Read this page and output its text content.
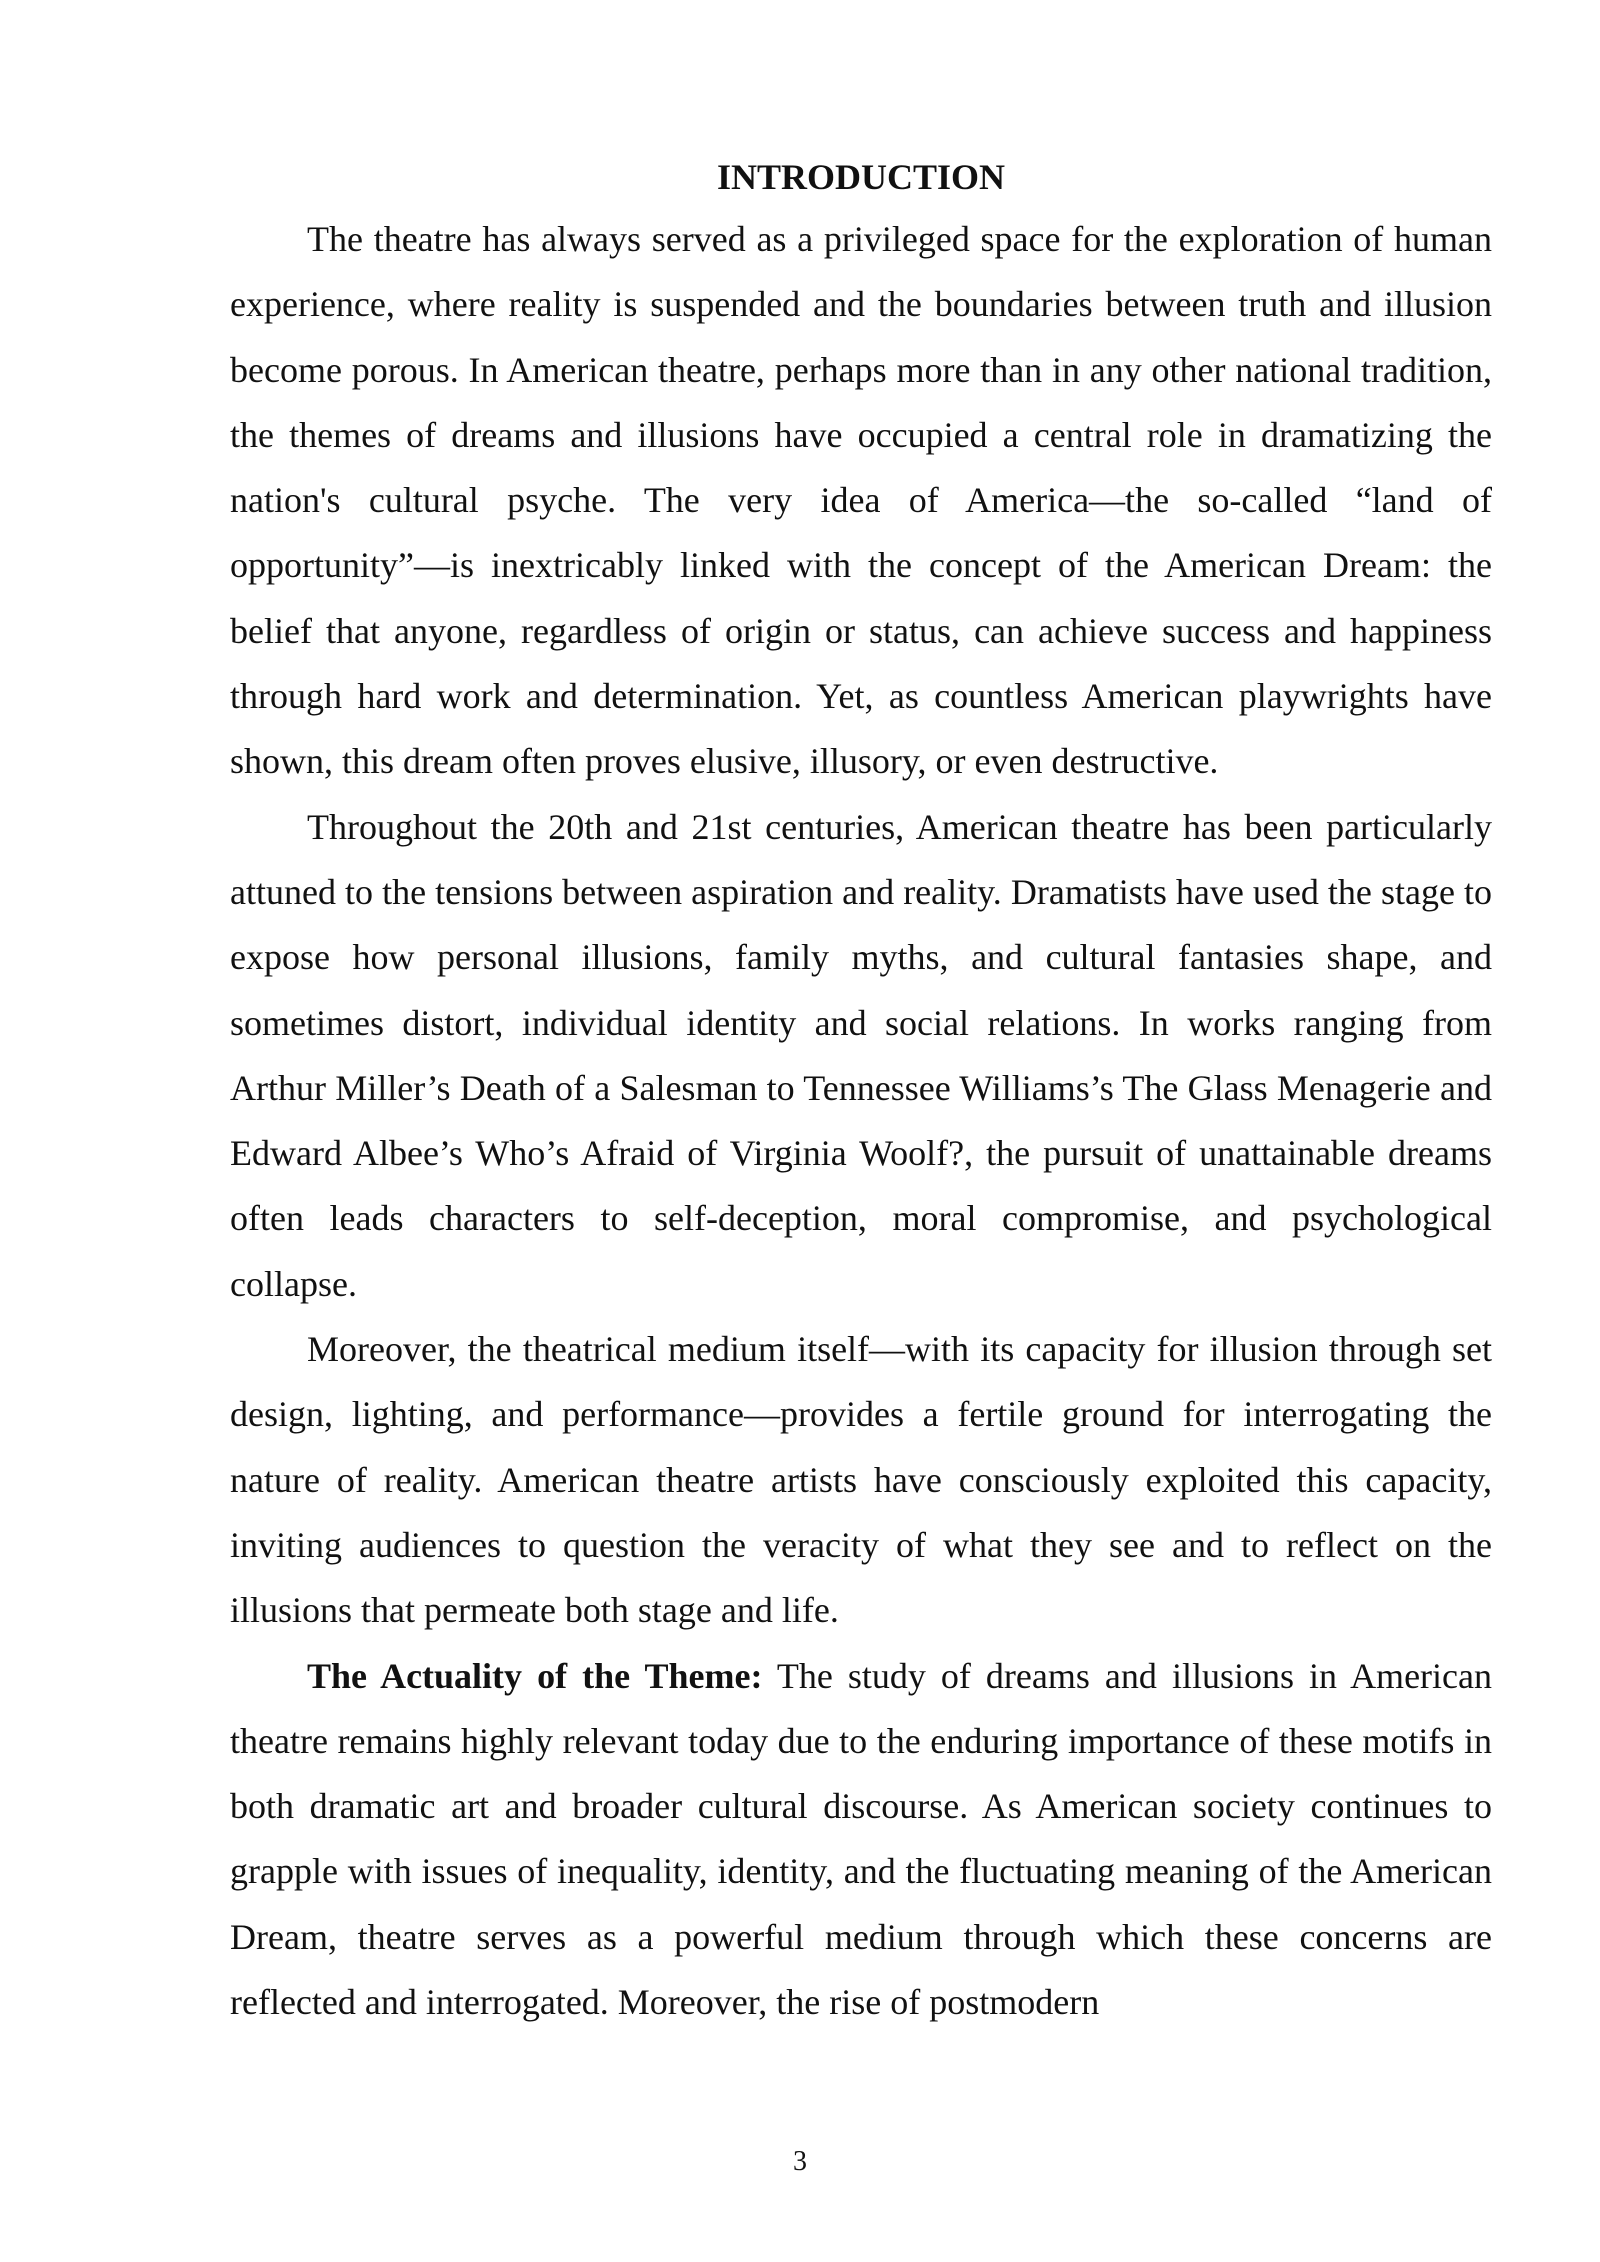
INTRODUCTION

The theatre has always served as a privileged space for the exploration of human experience, where reality is suspended and the boundaries between truth and illusion become porous. In American theatre, perhaps more than in any other national tradition, the themes of dreams and illusions have occupied a central role in dramatizing the nation's cultural psyche. The very idea of America—the so-called “land of opportunity”—is inextricably linked with the concept of the American Dream: the belief that anyone, regardless of origin or status, can achieve success and happiness through hard work and determination. Yet, as countless American playwrights have shown, this dream often proves elusive, illusory, or even destructive.

Throughout the 20th and 21st centuries, American theatre has been particularly attuned to the tensions between aspiration and reality. Dramatists have used the stage to expose how personal illusions, family myths, and cultural fantasies shape, and sometimes distort, individual identity and social relations. In works ranging from Arthur Miller’s Death of a Salesman to Tennessee Williams’s The Glass Menagerie and Edward Albee’s Who’s Afraid of Virginia Woolf?, the pursuit of unattainable dreams often leads characters to self-deception, moral compromise, and psychological collapse.

Moreover, the theatrical medium itself—with its capacity for illusion through set design, lighting, and performance—provides a fertile ground for interrogating the nature of reality. American theatre artists have consciously exploited this capacity, inviting audiences to question the veracity of what they see and to reflect on the illusions that permeate both stage and life.

The Actuality of the Theme: The study of dreams and illusions in American theatre remains highly relevant today due to the enduring importance of these motifs in both dramatic art and broader cultural discourse. As American society continues to grapple with issues of inequality, identity, and the fluctuating meaning of the American Dream, theatre serves as a powerful medium through which these concerns are reflected and interrogated. Moreover, the rise of postmodern

3
